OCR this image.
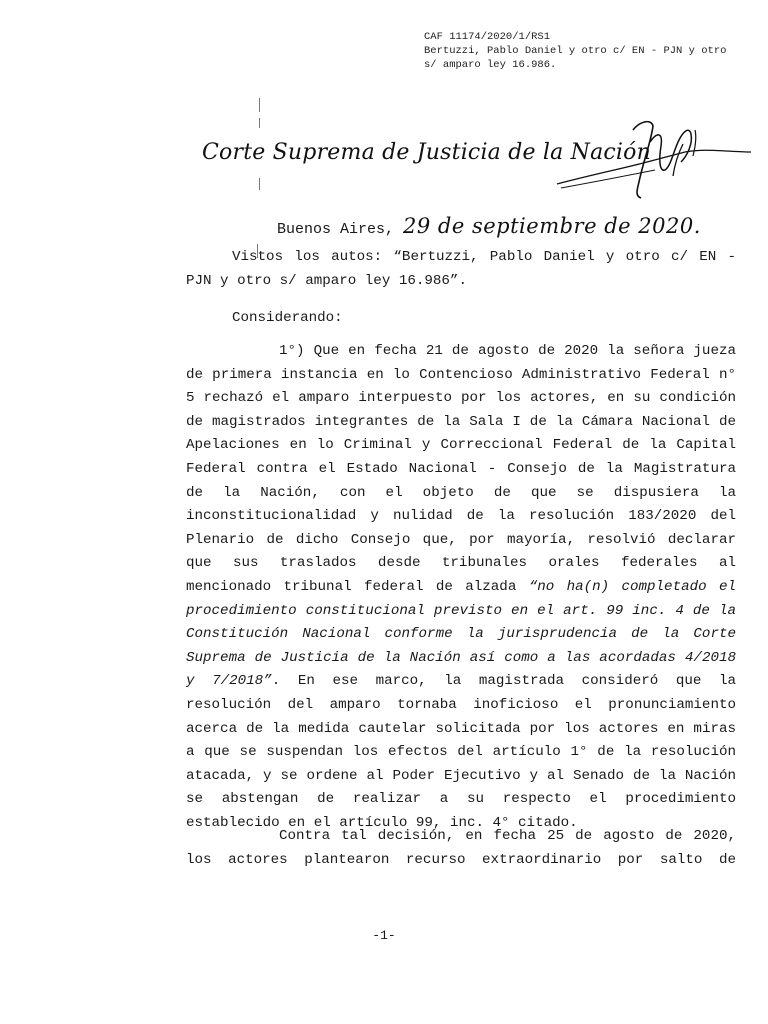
CAF 11174/2020/1/RS1
Bertuzzi, Pablo Daniel y otro c/ EN - PJN y otro
s/ amparo ley 16.986.
Corte Suprema de Justicia de la Nación
Buenos Aires, 29 de septiembre de 2020.

Vistos los autos: “Bertuzzi, Pablo Daniel y otro c/ EN -

PJN y otro s/ amparo ley 16.986”.

Considerando:

1°) Que en fecha 21 de agosto de 2020 la señora jueza de primera instancia en lo Contencioso Administrativo Federal n° 5 rechazó el amparo interpuesto por los actores, en su condición de magistrados integrantes de la Sala I de la Cámara Nacional de Apelaciones en lo Criminal y Correccional Federal de la Capital Federal contra el Estado Nacional - Consejo de la Magistratura de la Nación, con el objeto de que se dispusiera la inconstitucionalidad y nulidad de la resolución 183/2020 del Plenario de dicho Consejo que, por mayoría, resolvió declarar que sus traslados desde tribunales orales federales al mencionado tribunal federal de alzada “no ha(n) completado el procedimiento constitucional previsto en el art. 99 inc. 4 de la Constitución Nacional conforme la jurisprudencia de la Corte Suprema de Justicia de la Nación así como a las acordadas 4/2018 y 7/2018”. En ese marco, la magistrada consideró que la resolución del amparo tornaba inoficioso el pronunciamiento acerca de la medida cautelar solicitada por los actores en miras a que se suspendan los efectos del artículo 1° de la resolución atacada, y se ordene al Poder Ejecutivo y al Senado de la Nación se abstengan de realizar a su respecto el procedimiento establecido en el artículo 99, inc. 4° citado.

Contra tal decisión, en fecha 25 de agosto de 2020, los actores plantearon recurso extraordinario por salto de

-1-
